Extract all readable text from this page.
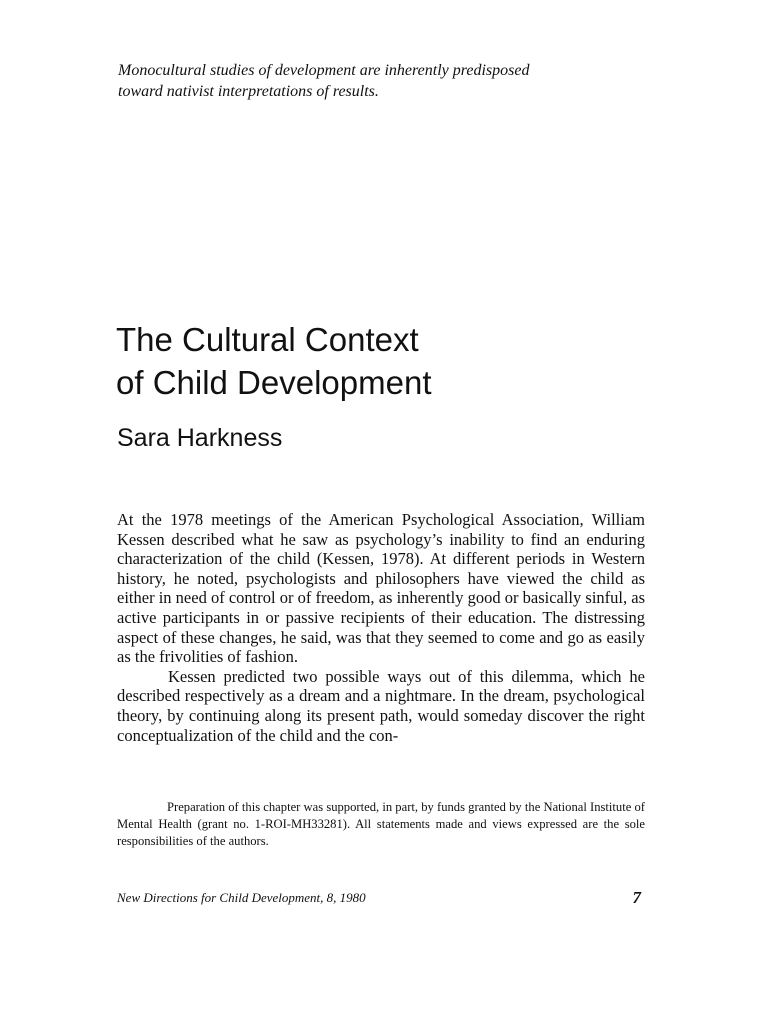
Monocultural studies of development are inherently predisposed
toward nativist interpretations of results.
The Cultural Context
of Child Development
Sara Harkness

At the 1978 meetings of the American Psychological Association, William Kessen described what he saw as psychology’s inability to find an enduring characterization of the child (Kessen, 1978). At different periods in Western history, he noted, psychologists and philosophers have viewed the child as either in need of control or of freedom, as inherently good or basically sinful, as active participants in or passive recipients of their education. The distressing aspect of these changes, he said, was that they seemed to come and go as easily as the frivolities of fashion.

Kessen predicted two possible ways out of this dilemma, which he described respectively as a dream and a nightmare. In the dream, psychological theory, by continuing along its present path, would someday discover the right conceptualization of the child and the con-

Preparation of this chapter was supported, in part, by funds granted by the National Institute of Mental Health (grant no. 1-ROI-MH33281). All statements made and views expressed are the sole responsibilities of the authors.
New Directions for Child Development, 8, 1980	7
